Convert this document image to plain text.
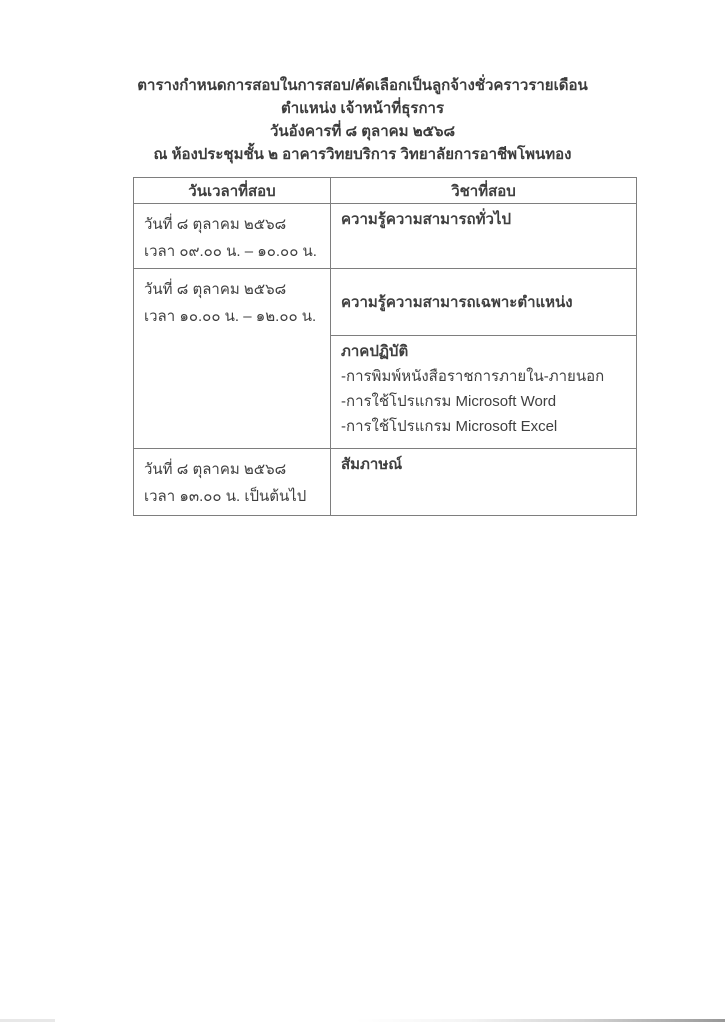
ตารางกำหนดการสอบในการสอบ/คัดเลือกเป็นลูกจ้างชั่วคราวรายเดือน
ตำแหน่ง เจ้าหน้าที่ธุรการ
วันอังคารที่ ๘ ตุลาคม ๒๕๖๘
ณ ห้องประชุมชั้น ๒ อาคารวิทยบริการ วิทยาลัยการอาชีพโพนทอง
วันเวลาที่สอบ	วิชาที่สอบ
วันที่ ๘ ตุลาคม ๒๕๖๘
เวลา ๐๙.๐๐ น. – ๑๐.๐๐ น.
ความรู้ความสามารถทั่วไป
วันที่ ๘ ตุลาคม ๒๕๖๘
เวลา ๑๐.๐๐ น. – ๑๒.๐๐ น.
ความรู้ความสามารถเฉพาะตำแหน่ง
ภาคปฏิบัติ
-การพิมพ์หนังสือราชการภายใน-ภายนอก
-การใช้โปรแกรม Microsoft Word
-การใช้โปรแกรม Microsoft Excel
วันที่ ๘ ตุลาคม ๒๕๖๘
เวลา ๑๓.๐๐ น. เป็นต้นไป
สัมภาษณ์
